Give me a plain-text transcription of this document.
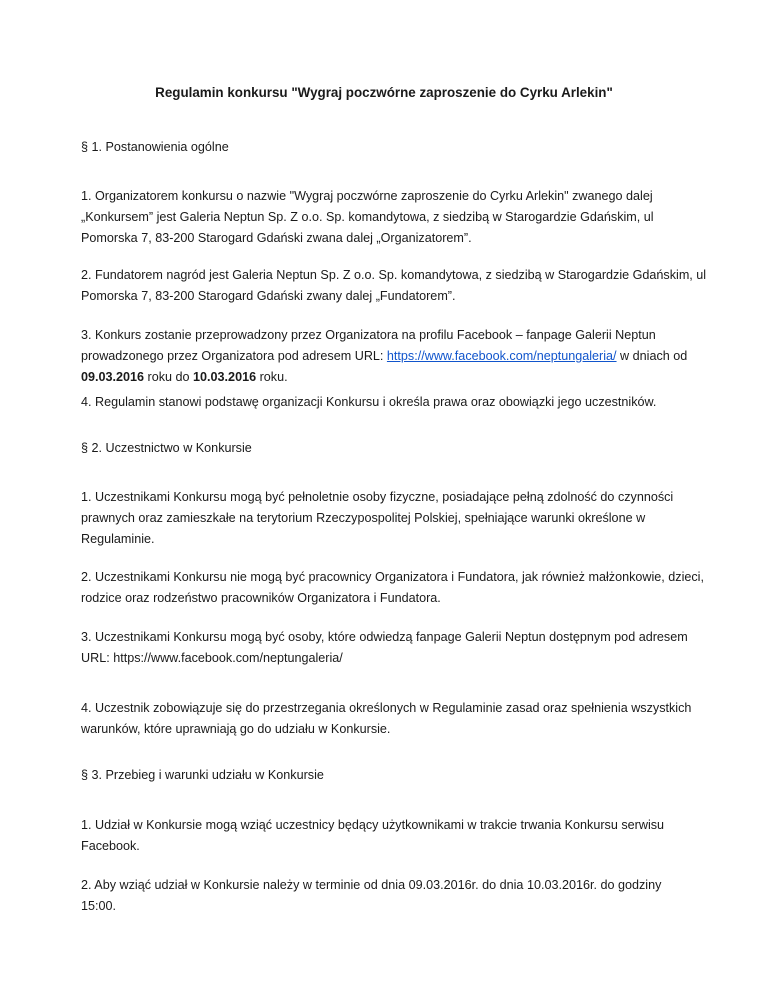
Regulamin konkursu "Wygraj poczwórne zaproszenie do Cyrku Arlekin"
§ 1. Postanowienia ogólne
1. Organizatorem konkursu o nazwie "Wygraj poczwórne zaproszenie do Cyrku Arlekin" zwanego dalej
„Konkursem” jest Galeria Neptun Sp. Z o.o. Sp. komandytowa, z siedzibą w Starogardzie Gdańskim, ul
Pomorska 7, 83-200 Starogard Gdański zwana dalej „Organizatorem”.
2. Fundatorem nagród jest Galeria Neptun Sp. Z o.o. Sp. komandytowa, z siedzibą w Starogardzie Gdańskim, ul
Pomorska 7, 83-200 Starogard Gdański zwany dalej „Fundatorem”.
3. Konkurs zostanie przeprowadzony przez Organizatora na profilu Facebook – fanpage Galerii Neptun
prowadzonego przez Organizatora pod adresem URL: https://www.facebook.com/neptungaleria/ w dniach od
09.03.2016 roku do 10.03.2016 roku.
4. Regulamin stanowi podstawę organizacji Konkursu i określa prawa oraz obowiązki jego uczestników.
§ 2. Uczestnictwo w Konkursie
1. Uczestnikami Konkursu mogą być pełnoletnie osoby fizyczne, posiadające pełną zdolność do czynności
prawnych oraz zamieszkałe na terytorium Rzeczypospolitej Polskiej, spełniające warunki określone w
Regulaminie.
2. Uczestnikami Konkursu nie mogą być pracownicy Organizatora i Fundatora, jak również małżonkowie, dzieci,
rodzice oraz rodzeństwo pracowników Organizatora i Fundatora.
3. Uczestnikami Konkursu mogą być osoby, które odwiedzą fanpage Galerii Neptun dostępnym pod adresem
URL: https://www.facebook.com/neptungaleria/
4. Uczestnik zobowiązuje się do przestrzegania określonych w Regulaminie zasad oraz spełnienia wszystkich
warunków, które uprawniają go do udziału w Konkursie.
§ 3. Przebieg i warunki udziału w Konkursie
1. Udział w Konkursie mogą wziąć uczestnicy będący użytkownikami w trakcie trwania Konkursu serwisu
Facebook.
2. Aby wziąć udział w Konkursie należy w terminie od dnia 09.03.2016r. do dnia 10.03.2016r. do godziny 15:00.
